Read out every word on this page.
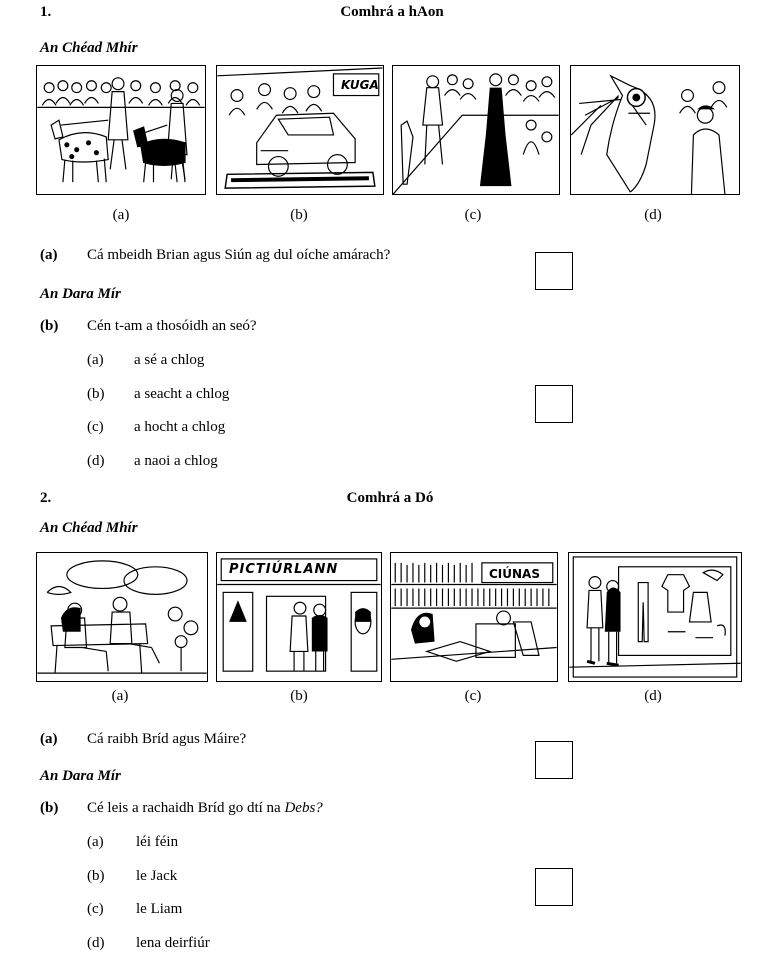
1.	Comhrá a hAon
An Chéad Mhír
KUGA
(a)	(b)	(c)	(d)
(a) Cá mbeidh Brian agus Siún ag dul oíche amárach?
An Dara Mír
(b) Cén t-am a thosóidh an seó?
(a) a sé a chlog
(b) a seacht a chlog
(c) a hocht a chlog
(d) a naoi a chlog
2.	Comhrá a Dó
An Chéad Mhír
PICTIÚRLANN	CIÚNAS
(a)	(b)	(c)	(d)
(a) Cá raibh Bríd agus Máire?
An Dara Mír
(b) Cé leis a rachaidh Bríd go dtí na Debs?
(a) léi féin
(b) le Jack
(c) le Liam
(d) lena deirfiúr
